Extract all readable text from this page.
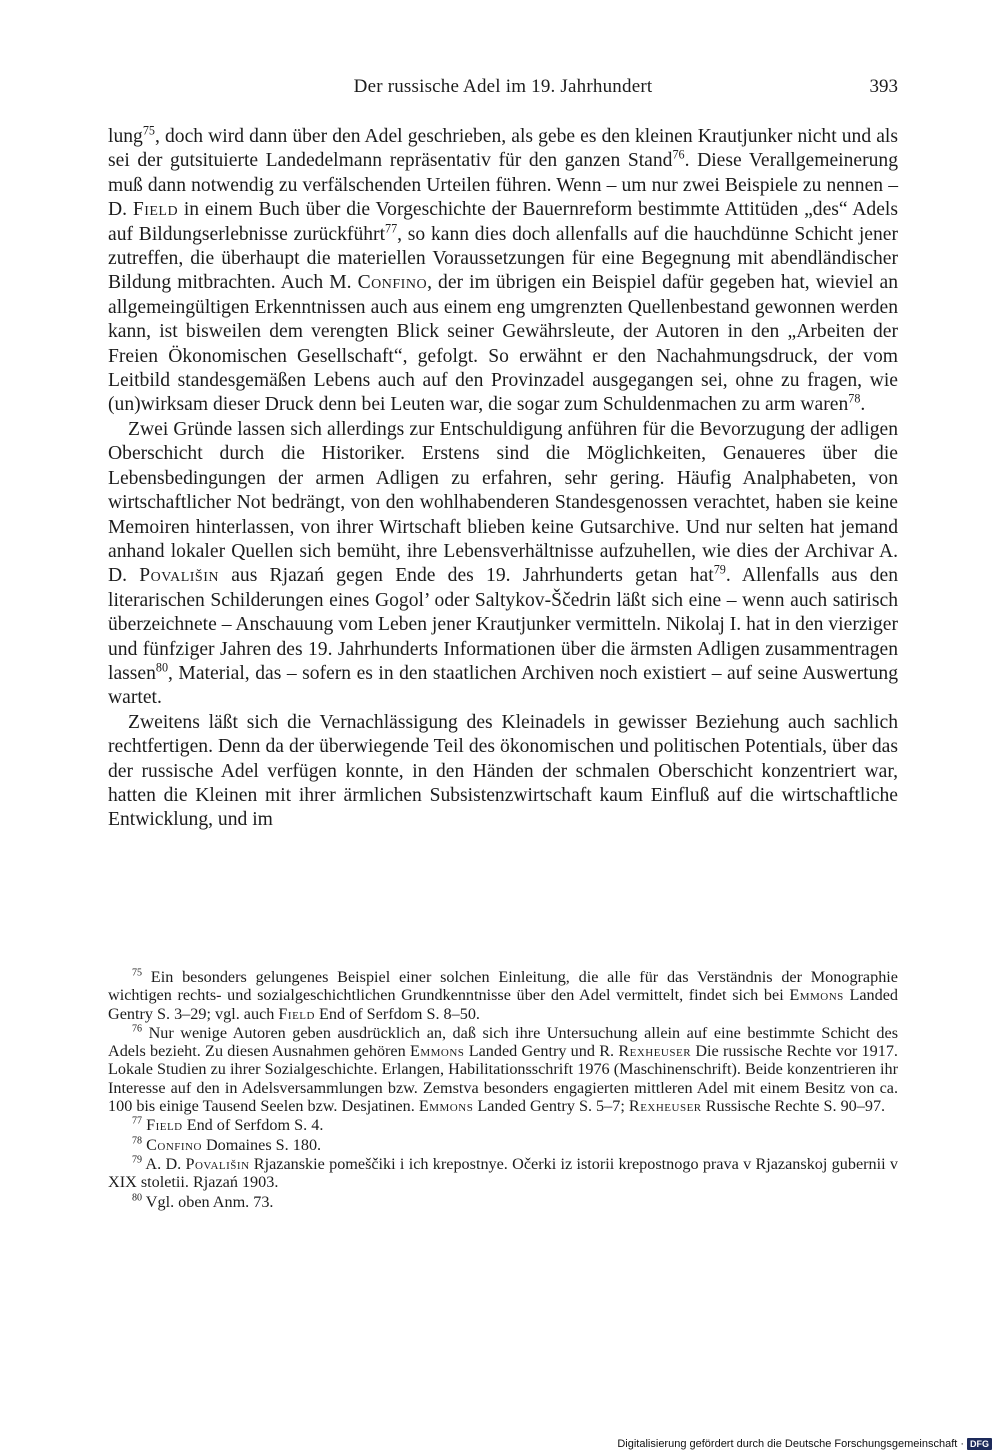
Der russische Adel im 19. Jahrhundert	393

lung$^{75}$, doch wird dann über den Adel geschrieben, als gebe es den kleinen Krautjunker nicht und als sei der gutsituierte Landedelmann repräsentativ für den ganzen Stand$^{76}$. Diese Verallgemeinerung muß dann notwendig zu verfälschenden Urteilen führen. Wenn – um nur zwei Beispiele zu nennen – D. Field in einem Buch über die Vorgeschichte der Bauernreform bestimmte Attitüden „des“ Adels auf Bildungserlebnisse zurückführt$^{77}$, so kann dies doch allenfalls auf die hauchdünne Schicht jener zutreffen, die überhaupt die materiellen Voraussetzungen für eine Begegnung mit abendländischer Bildung mitbrachten. Auch M. Confino, der im übrigen ein Beispiel dafür gegeben hat, wieviel an allgemeingültigen Erkenntnissen auch aus einem eng umgrenzten Quellenbestand gewonnen werden kann, ist bisweilen dem verengten Blick seiner Gewährsleute, der Autoren in den „Arbeiten der Freien Ökonomischen Gesellschaft“, gefolgt. So erwähnt er den Nachahmungsdruck, der vom Leitbild standesgemäßen Lebens auch auf den Provinzadel ausgegangen sei, ohne zu fragen, wie (un)wirksam dieser Druck denn bei Leuten war, die sogar zum Schuldenmachen zu arm waren$^{78}$.

Zwei Gründe lassen sich allerdings zur Entschuldigung anführen für die Bevorzugung der adligen Oberschicht durch die Historiker. Erstens sind die Möglichkeiten, Genaueres über die Lebensbedingungen der armen Adligen zu erfahren, sehr gering. Häufig Analphabeten, von wirtschaftlicher Not bedrängt, von den wohlhabenderen Standesgenossen verachtet, haben sie keine Memoiren hinterlassen, von ihrer Wirtschaft blieben keine Gutsarchive. Und nur selten hat jemand anhand lokaler Quellen sich bemüht, ihre Lebensverhältnisse aufzuhellen, wie dies der Archivar A. D. Povališin aus Rjazań gegen Ende des 19. Jahrhunderts getan hat$^{79}$. Allenfalls aus den literarischen Schilderungen eines Gogol’ oder Saltykov-Ščedrin läßt sich eine – wenn auch satirisch überzeichnete – Anschauung vom Leben jener Krautjunker vermitteln. Nikolaj I. hat in den vierziger und fünfziger Jahren des 19. Jahrhunderts Informationen über die ärmsten Adligen zusammentragen lassen$^{80}$, Material, das – sofern es in den staatlichen Archiven noch existiert – auf seine Auswertung wartet.

Zweitens läßt sich die Vernachlässigung des Kleinadels in gewisser Beziehung auch sachlich rechtfertigen. Denn da der überwiegende Teil des ökonomischen und politischen Potentials, über das der russische Adel verfügen konnte, in den Händen der schmalen Oberschicht konzentriert war, hatten die Kleinen mit ihrer ärmlichen Subsistenzwirtschaft kaum Einfluß auf die wirtschaftliche Entwicklung, und im

$^{75}$ Ein besonders gelungenes Beispiel einer solchen Einleitung, die alle für das Verständnis der Monographie wichtigen rechts- und sozialgeschichtlichen Grundkenntnisse über den Adel vermittelt, findet sich bei Emmons Landed Gentry S. 3–29; vgl. auch Field End of Serfdom S. 8–50.

$^{76}$ Nur wenige Autoren geben ausdrücklich an, daß sich ihre Untersuchung allein auf eine bestimmte Schicht des Adels bezieht. Zu diesen Ausnahmen gehören Emmons Landed Gentry und R. Rexheuser Die russische Rechte vor 1917. Lokale Studien zu ihrer Sozialgeschichte. Erlangen, Habilitationsschrift 1976 (Maschinenschrift). Beide konzentrieren ihr Interesse auf den in Adelsversammlungen bzw. Zemstva besonders engagierten mittleren Adel mit einem Besitz von ca. 100 bis einige Tausend Seelen bzw. Desjatinen. Emmons Landed Gentry S. 5–7; Rexheuser Russische Rechte S. 90–97.

$^{77}$ Field End of Serfdom S. 4.

$^{78}$ Confino Domaines S. 180.

$^{79}$ A. D. Povališin Rjazanskie pomeščiki i ich krepostnye. Očerki iz istorii krepostnogo prava v Rjazanskoj gubernii v XIX stoletii. Rjazań 1903.

$^{80}$ Vgl. oben Anm. 73.

Digitalisierung gefördert durch die Deutsche Forschungsgemeinschaft · DFG
